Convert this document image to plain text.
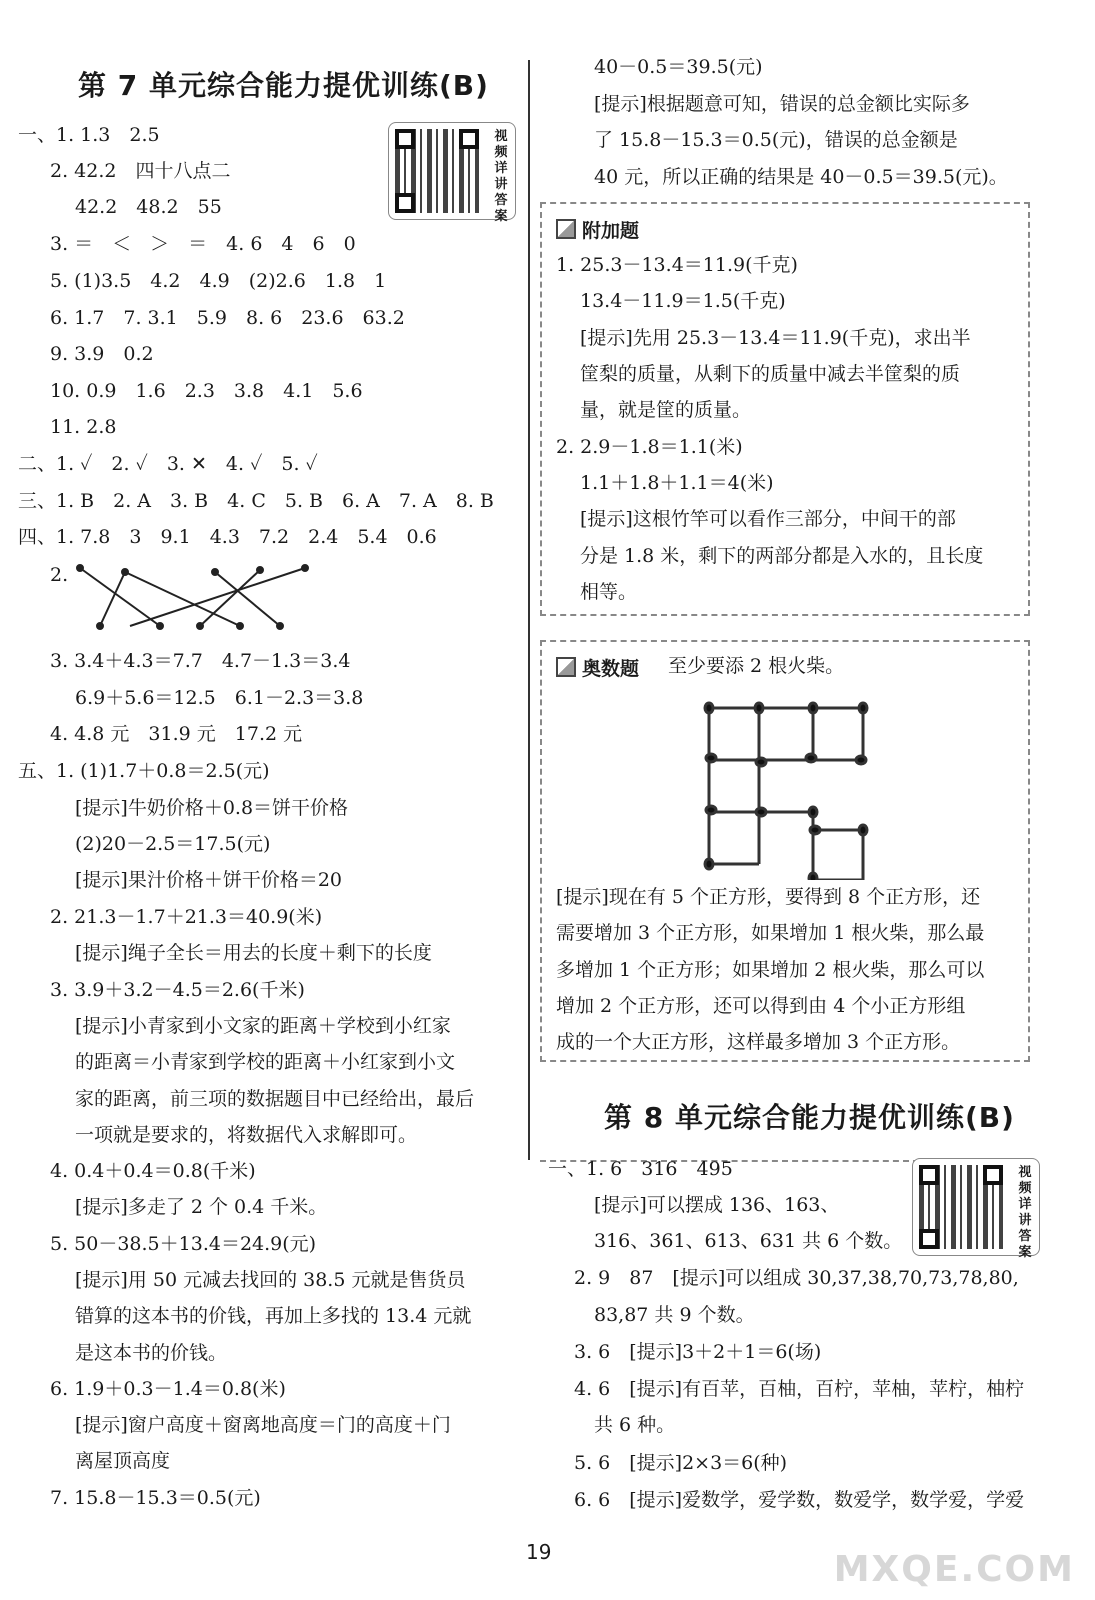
第 7 单元综合能力提优训练(B)
视频详讲答案
一、1. 1.3　2.5
2. 42.2　四十八点二
42.2　48.2　55
3. ＝　＜　＞　＝　4. 6　4　6　0
5. (1)3.5　4.2　4.9　(2)2.6　1.8　1
6. 1.7　7. 3.1　5.9　8. 6　23.6　63.2
9. 3.9　0.2
10. 0.9　1.6　2.3　3.8　4.1　5.6
11. 2.8
二、1. ✓　2. ✓　3. ✕　4. ✓　5. ✓
三、1. B　2. A　3. B　4. C　5. B　6. A　7. A　8. B
四、1. 7.8　3　9.1　4.3　7.2　2.4　5.4　0.6
2.
3. 3.4＋4.3＝7.7　4.7－1.3＝3.4
6.9＋5.6＝12.5　6.1－2.3＝3.8
4. 4.8 元　31.9 元　17.2 元
五、1. (1)1.7＋0.8＝2.5(元)
[提示]牛奶价格＋0.8＝饼干价格
(2)20－2.5＝17.5(元)
[提示]果汁价格＋饼干价格＝20
2. 21.3－1.7＋21.3＝40.9(米)
[提示]绳子全长＝用去的长度＋剩下的长度
3. 3.9＋3.2－4.5＝2.6(千米)
[提示]小青家到小文家的距离＋学校到小红家
的距离＝小青家到学校的距离＋小红家到小文
家的距离，前三项的数据题目中已经给出，最后
一项就是要求的，将数据代入求解即可。
4. 0.4＋0.4＝0.8(千米)
[提示]多走了 2 个 0.4 千米。
5. 50－38.5＋13.4＝24.9(元)
[提示]用 50 元减去找回的 38.5 元就是售货员
错算的这本书的价钱，再加上多找的 13.4 元就
是这本书的价钱。
6. 1.9＋0.3－1.4＝0.8(米)
[提示]窗户高度＋窗离地高度＝门的高度＋门
离屋顶高度
7. 15.8－15.3＝0.5(元)
40－0.5＝39.5(元)
[提示]根据题意可知，错误的总金额比实际多
了 15.8－15.3＝0.5(元)，错误的总金额是
40 元，所以正确的结果是 40－0.5＝39.5(元)。
附加题
1. 25.3－13.4＝11.9(千克)
13.4－11.9＝1.5(千克)
[提示]先用 25.3－13.4＝11.9(千克)，求出半
筐梨的质量，从剩下的质量中减去半筐梨的质
量，就是筐的质量。
2. 2.9－1.8＝1.1(米)
1.1＋1.8＋1.1＝4(米)
[提示]这根竹竿可以看作三部分，中间干的部
分是 1.8 米，剩下的两部分都是入水的，且长度
相等。
奥数题 至少要添 2 根火柴。
[提示]现在有 5 个正方形，要得到 8 个正方形，还
需要增加 3 个正方形，如果增加 1 根火柴，那么最
多增加 1 个正方形；如果增加 2 根火柴，那么可以
增加 2 个正方形，还可以得到由 4 个小正方形组
成的一个大正方形，这样最多增加 3 个正方形。
第 8 单元综合能力提优训练(B)
视频详讲答案
一、1. 6　316　495
[提示]可以摆成 136、163、
316、361、613、631 共 6 个数。
2. 9　87　[提示]可以组成 30,37,38,70,73,78,80,
83,87 共 9 个数。
3. 6　[提示]3＋2＋1＝6(场)
4. 6　[提示]有百苹，百柚，百柠，苹柚，苹柠，柚柠
共 6 种。
5. 6　[提示]2×3＝6(种)
6. 6　[提示]爱数学，爱学数，数爱学，数学爱，学爱
19	MXQE.COM
